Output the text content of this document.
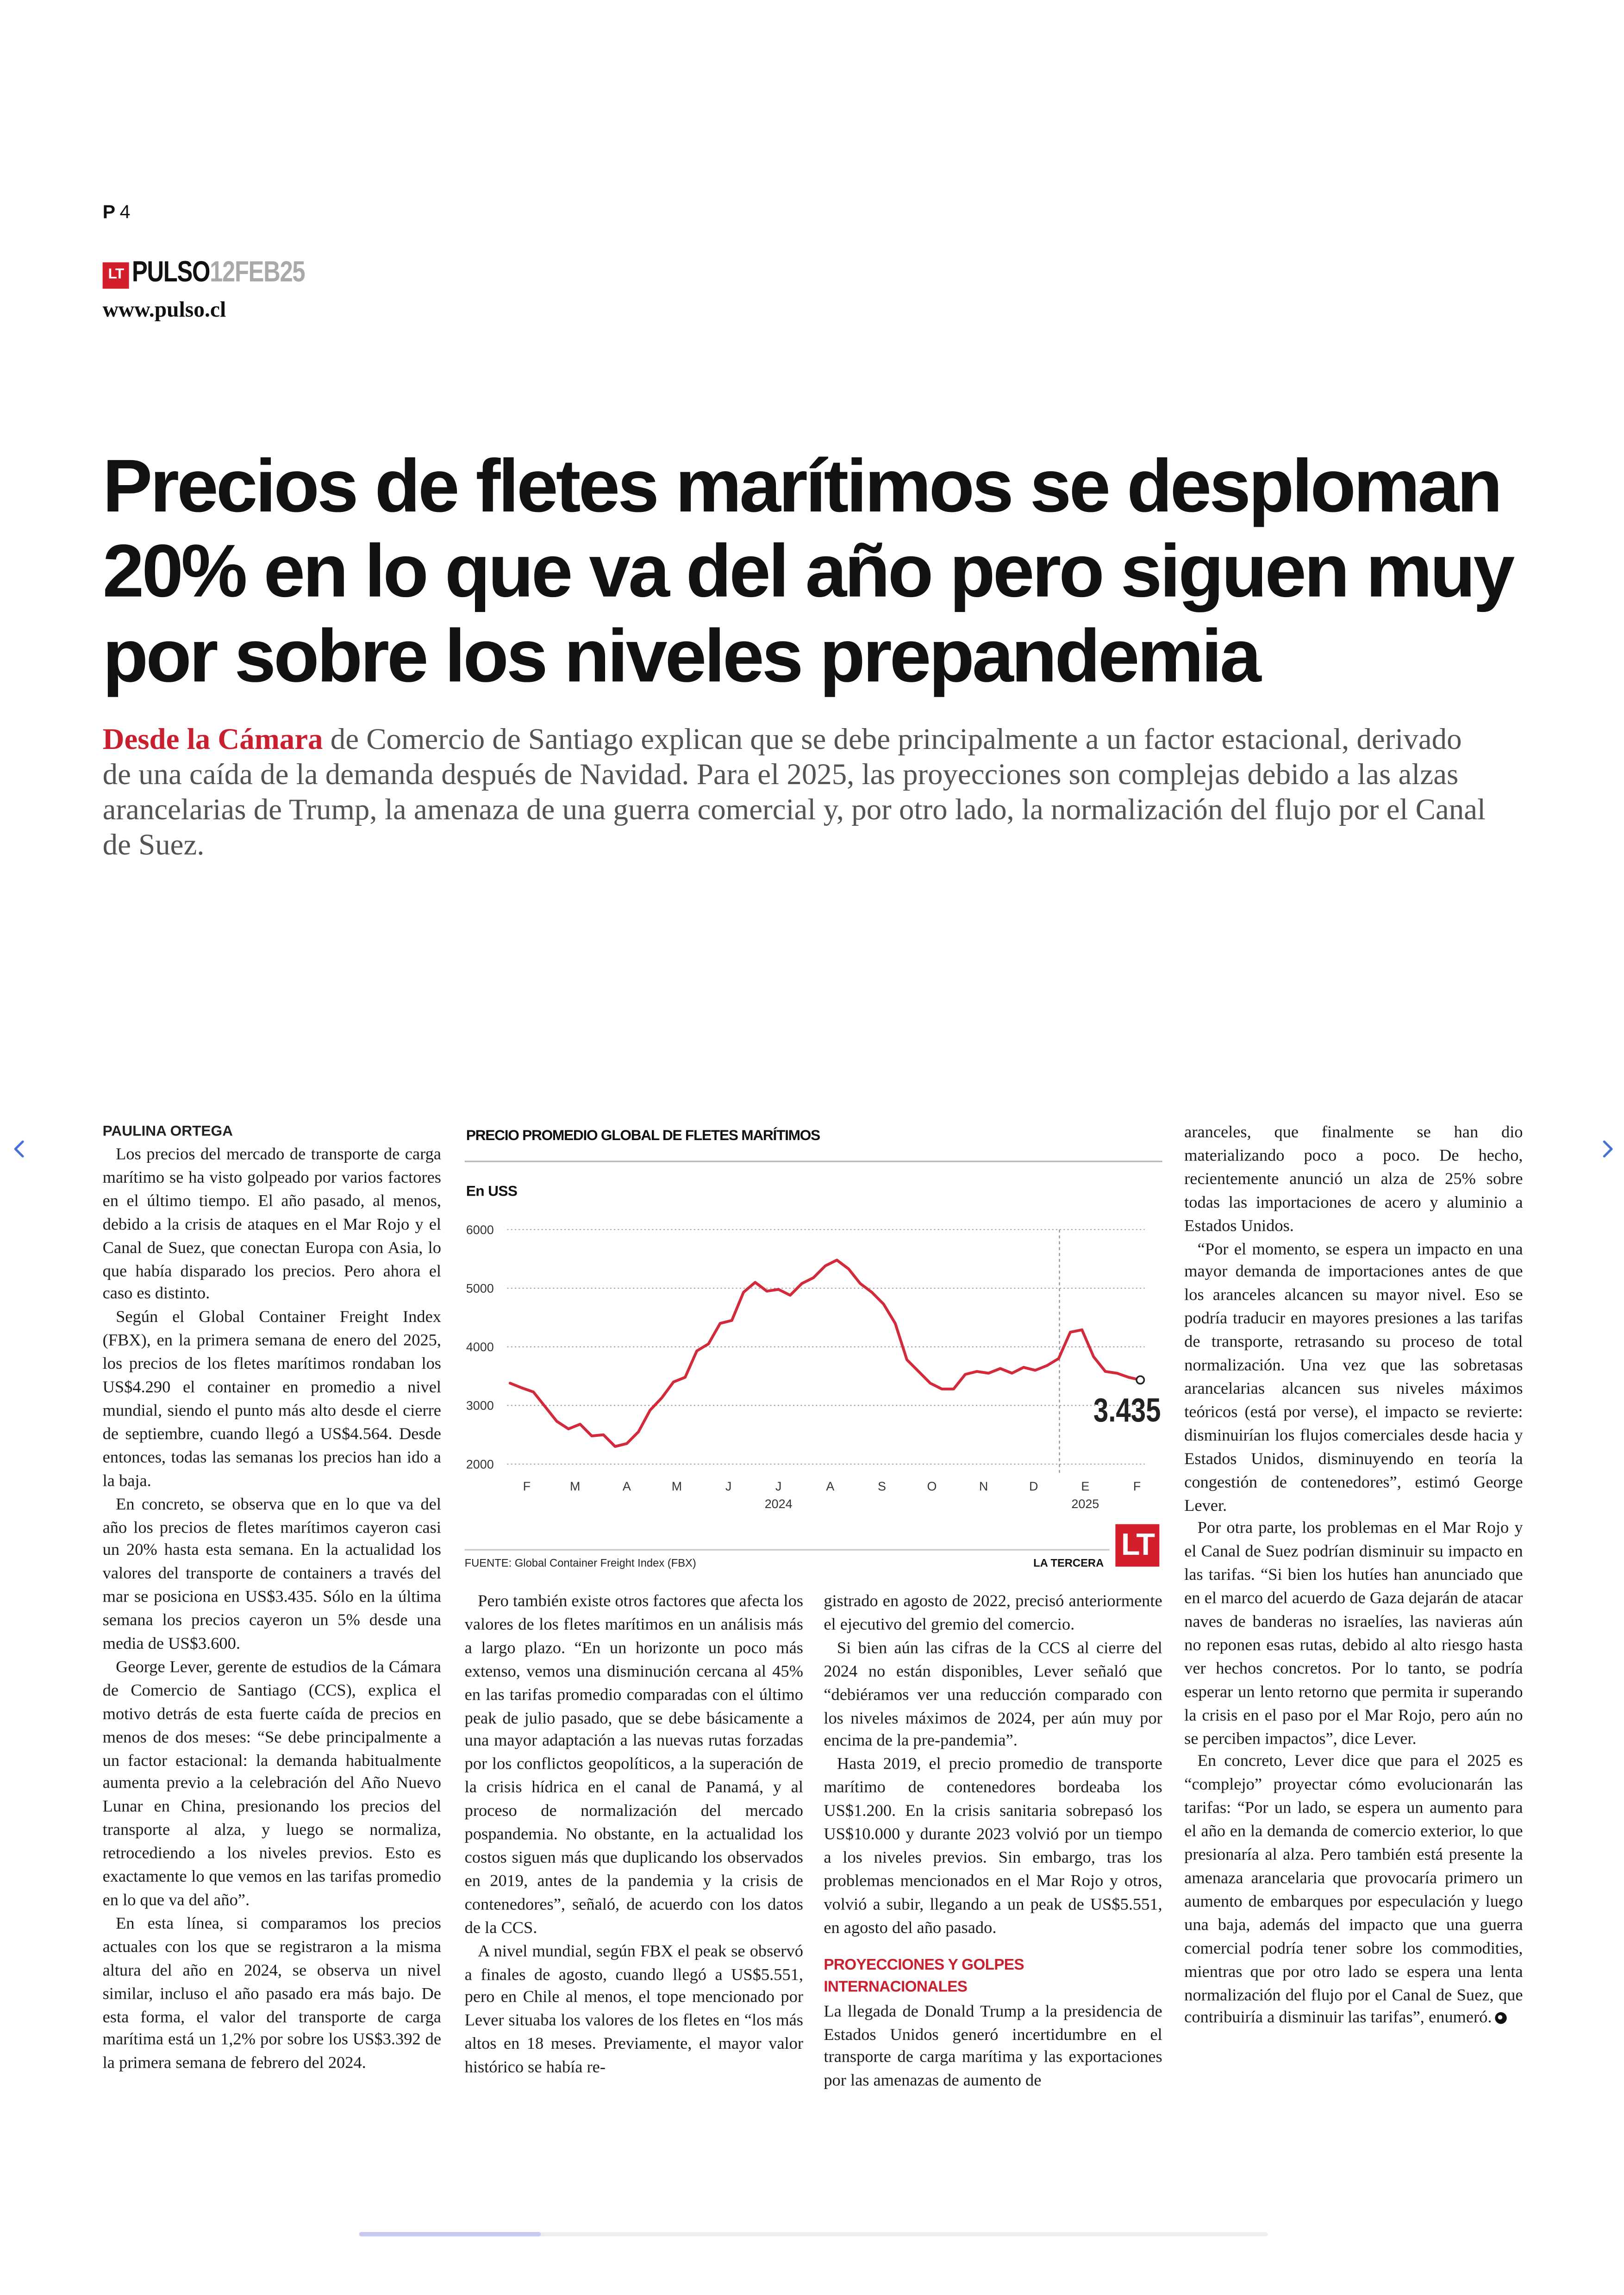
P 4
LT PULSO12FEB25
www.pulso.cl
Precios de fletes marítimos se desploman
20% en lo que va del año pero siguen muy
por sobre los niveles prepandemia

Desde la Cámara de Comercio de Santiago explican que se debe principalmente a un factor estacional, derivado de una caída de la demanda después de Navidad. Para el 2025, las proyecciones son complejas debido a las alzas arancelarias de Trump, la amenaza de una guerra comercial y, por otro lado, la normalización del flujo por el Canal de Suez.

PAULINA ORTEGA

Los precios del mercado de transporte de carga marítimo se ha visto golpeado por varios factores en el último tiempo. El año pasado, al menos, debido a la crisis de ataques en el Mar Rojo y el Canal de Suez, que conectan Europa con Asia, lo que había disparado los precios. Pero ahora el caso es distinto.

Según el Global Container Freight Index (FBX), en la primera semana de enero del 2025, los precios de los fletes marítimos rondaban los US$4.290 el container en promedio a nivel mundial, siendo el punto más alto desde el cierre de septiembre, cuando llegó a US$4.564. Desde entonces, todas las semanas los precios han ido a la baja.

En concreto, se observa que en lo que va del año los precios de fletes marítimos cayeron casi un 20% hasta esta semana. En la actualidad los valores del transporte de containers a través del mar se posiciona en US$3.435. Sólo en la última semana los precios cayeron un 5% desde una media de US$3.600.

George Lever, gerente de estudios de la Cámara de Comercio de Santiago (CCS), explica el motivo detrás de esta fuerte caída de precios en menos de dos meses: “Se debe principalmente a un factor estacional: la demanda habitualmente aumenta previo a la celebración del Año Nuevo Lunar en China, presionando los precios del transporte al alza, y luego se normaliza, retrocediendo a los niveles previos. Esto es exactamente lo que vemos en las tarifas promedio en lo que va del año”.

En esta línea, si comparamos los precios actuales con los que se registraron a la misma altura del año en 2024, se observa un nivel similar, incluso el año pasado era más bajo. De esta forma, el valor del transporte de carga marítima está un 1,2% por sobre los US$3.392 de la primera semana de febrero del 2024.

PRECIO PROMEDIO GLOBAL DE FLETES MARÍTIMOS
En USS
6000
5000
4000
3000
2000
F	M	A	M	J	J	A	S	O	N	D	E	F
2024	2025
3.435
FUENTE: Global Container Freight Index (FBX)	LA TERCERA
LT

Pero también existe otros factores que afecta los valores de los fletes marítimos en un análisis más a largo plazo. “En un horizonte un poco más extenso, vemos una disminución cercana al 45% en las tarifas promedio comparadas con el último peak de julio pasado, que se debe básicamente a una mayor adaptación a las nuevas rutas forzadas por los conflictos geopolíticos, a la superación de la crisis hídrica en el canal de Panamá, y al proceso de normalización del mercado pospandemia. No obstante, en la actualidad los costos siguen más que duplicando los observados en 2019, antes de la pandemia y la crisis de contenedores”, señaló, de acuerdo con los datos de la CCS.

A nivel mundial, según FBX el peak se observó a finales de agosto, cuando llegó a US$5.551, pero en Chile al menos, el tope mencionado por Lever situaba los valores de los fletes en “los más altos en 18 meses. Previamente, el mayor valor histórico se había re-

gistrado en agosto de 2022, precisó anteriormente el ejecutivo del gremio del comercio.

Si bien aún las cifras de la CCS al cierre del 2024 no están disponibles, Lever señaló que “debiéramos ver una reducción comparado con los niveles máximos de 2024, per aún muy por encima de la pre-pandemia”.

Hasta 2019, el precio promedio de transporte marítimo de contenedores bordeaba los US$1.200. En la crisis sanitaria sobrepasó los US$10.000 y durante 2023 volvió por un tiempo a los niveles previos. Sin embargo, tras los problemas mencionados en el Mar Rojo y otros, volvió a subir, llegando a un peak de US$5.551, en agosto del año pasado.

PROYECCIONES Y GOLPES INTERNACIONALES

La llegada de Donald Trump a la presidencia de Estados Unidos generó incertidumbre en el transporte de carga marítima y las exportaciones por las amenazas de aumento de

aranceles, que finalmente se han dio materializando poco a poco. De hecho, recientemente anunció un alza de 25% sobre todas las importaciones de acero y aluminio a Estados Unidos.

“Por el momento, se espera un impacto en una mayor demanda de importaciones antes de que los aranceles alcancen su mayor nivel. Eso se podría traducir en mayores presiones a las tarifas de transporte, retrasando su proceso de total normalización. Una vez que las sobretasas arancelarias alcancen sus niveles máximos teóricos (está por verse), el impacto se revierte: disminuirían los flujos comerciales desde hacia y Estados Unidos, disminuyendo en teoría la congestión de contenedores”, estimó George Lever.

Por otra parte, los problemas en el Mar Rojo y el Canal de Suez podrían disminuir su impacto en las tarifas. “Si bien los hutíes han anunciado que en el marco del acuerdo de Gaza dejarán de atacar naves de banderas no israelíes, las navieras aún no reponen esas rutas, debido al alto riesgo hasta ver hechos concretos. Por lo tanto, se podría esperar un lento retorno que permita ir superando la crisis en el paso por el Mar Rojo, pero aún no se perciben impactos”, dice Lever.

En concreto, Lever dice que para el 2025 es “complejo” proyectar cómo evolucionarán las tarifas: “Por un lado, se espera un aumento para el año en la demanda de comercio exterior, lo que presionaría al alza. Pero también está presente la amenaza arancelaria que provocaría primero un aumento de embarques por especulación y luego una baja, además del impacto que una guerra comercial podría tener sobre los commodities, mientras que por otro lado se espera una lenta normalización del flujo por el Canal de Suez, que contribuiría a disminuir las tarifas”, enumeró.
